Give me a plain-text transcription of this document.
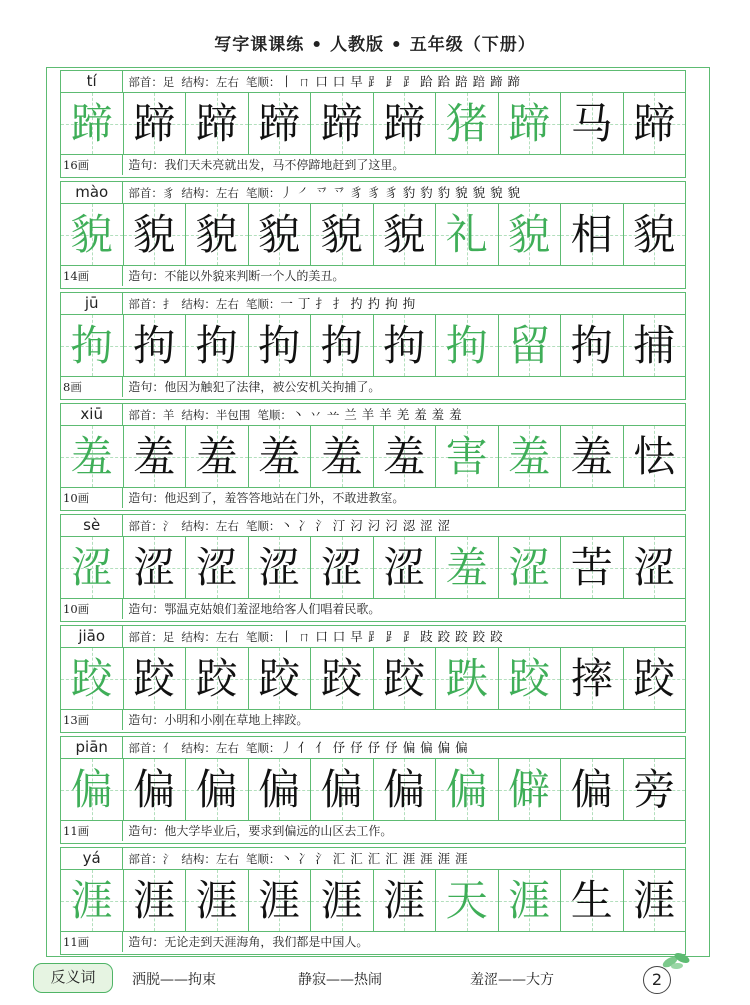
写字课课练 • 人教版 • 五年级（下册）
tí	部首：足 结构：左右 笔顺：丨 ㄇ 口 口 早 ⻊ ⻊ ⻊ 跲 跲 踣 踣 蹄 蹄
蹄 蹄 蹄 蹄 蹄 蹄 猪 蹄 马 蹄
16画	造句：我们天未亮就出发，马不停蹄地赶到了这里。
mào	部首：豸 结构：左右 笔顺：丿 ㇒ 乊 乊 豸 豸 豸 豹 豹 豹 貌 貌 貌 貌
貌 貌 貌 貌 貌 貌 礼 貌 相 貌
14画	造句：不能以外貌来判断一个人的美丑。
jū	部首：扌 结构：左右 笔顺：一 丁 扌 扌 扚 扚 拘 拘
拘 拘 拘 拘 拘 拘 拘 留 拘 捕
8画	造句：他因为触犯了法律，被公安机关拘捕了。
xiū	部首：羊 结构：半包围 笔顺：丶 丷 䒑 兰 羊 羊 羌 羞 羞 羞
羞 羞 羞 羞 羞 羞 害 羞 羞 怯
10画	造句：他迟到了，羞答答地站在门外，不敢进教室。
sè	部首：氵 结构：左右 笔顺：丶 冫 氵 汀 汈 汈 汈 涊 涩 涩
涩 涩 涩 涩 涩 涩 羞 涩 苦 涩
10画	造句：鄂温克姑娘们羞涩地给客人们唱着民歌。
jiāo	部首：足 结构：左右 笔顺：丨 ㄇ 口 口 早 ⻊ ⻊ ⻊ 跂 跤 跤 跤 跤
跤 跤 跤 跤 跤 跤 跌 跤 摔 跤
13画	造句：小明和小刚在草地上摔跤。
piān	部首：亻 结构：左右 笔顺：丿 亻 亻 伃 伃 伃 伃 偏 偏 偏 偏
偏 偏 偏 偏 偏 偏 偏 僻 偏 旁
11画	造句：他大学毕业后，要求到偏远的山区去工作。
yá	部首：氵 结构：左右 笔顺：丶 冫 氵 汇 汇 汇 汇 涯 涯 涯 涯
涯 涯 涯 涯 涯 涯 天 涯 生 涯
11画	造句：无论走到天涯海角，我们都是中国人。
反义词	洒脱——拘束	静寂——热闹	羞涩——大方	2
